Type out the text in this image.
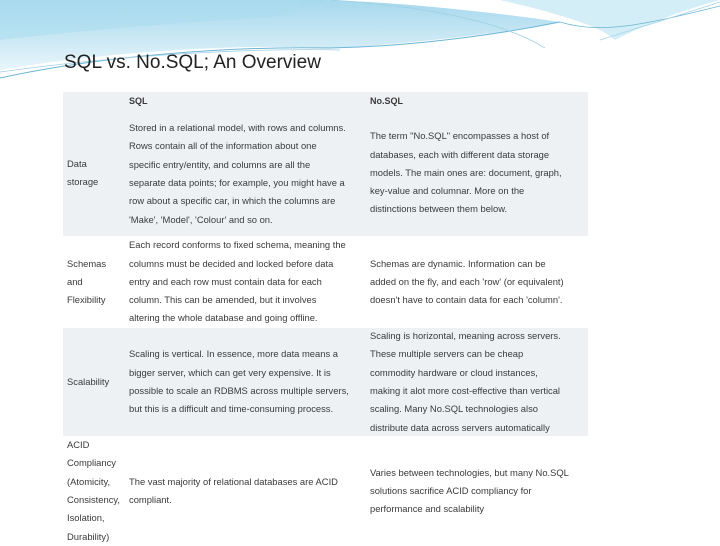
SQL vs. No.SQL; An Overview
SQL	No.SQL
Data
storage
Stored in a relational model, with rows and columns.
Rows contain all of the information about one
specific entry/entity, and columns are all the
separate data points; for example, you might have a
row about a specific car, in which the columns are
'Make', 'Model', 'Colour' and so on.
The term "No.SQL" encompasses a host of
databases, each with different data storage
models. The main ones are: document, graph,
key-value and columnar. More on the
distinctions between them below.
Schemas
and
Flexibility
Each record conforms to fixed schema, meaning the
columns must be decided and locked before data
entry and each row must contain data for each
column. This can be amended, but it involves
altering the whole database and going offline.
Schemas are dynamic. Information can be
added on the fly, and each 'row' (or equivalent)
doesn't have to contain data for each 'column'.
Scalability
Scaling is vertical. In essence, more data means a
bigger server, which can get very expensive. It is
possible to scale an RDBMS across multiple servers,
but this is a difficult and time-consuming process.
Scaling is horizontal, meaning across servers.
These multiple servers can be cheap
commodity hardware or cloud instances,
making it alot more cost-effective than vertical
scaling. Many No.SQL technologies also
distribute data across servers automatically
ACID
Compliancy
(Atomicity,
Consistency,
Isolation,
Durability)
The vast majority of relational databases are ACID
compliant.
Varies between technologies, but many No.SQL
solutions sacrifice ACID compliancy for
performance and scalability
